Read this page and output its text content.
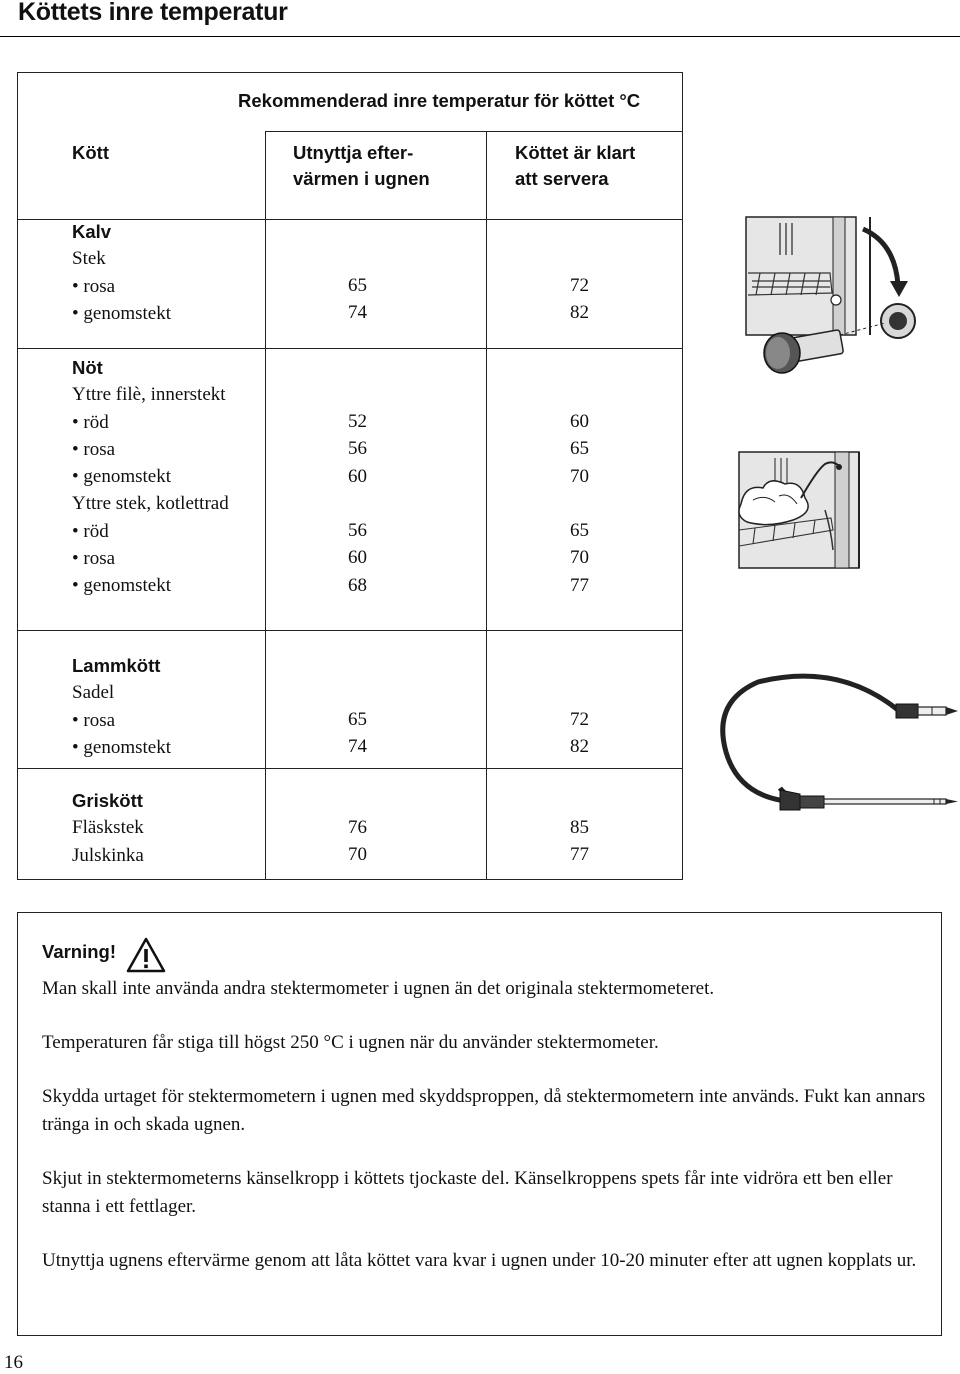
Köttets inre temperatur
Rekommenderad inre temperatur för köttet °C
Kött	Utnyttja efter-
värmen i ugnen
Köttet är klart
att servera
Kalv
Stek
• rosa
• genomstekt
65
74
72
82
Nöt
Yttre filè, innerstekt
• röd
• rosa
• genomstekt
Yttre stek, kotlettrad
• röd
• rosa
• genomstekt
52
56
60
56
60
68
60
65
70
65
70
77
Lammkött
Sadel
• rosa
• genomstekt
65
74
72
82
Griskött
Fläskstek
Julskinka
76
70
85
77
Varning!
Man skall inte använda andra stektermometer i ugnen än det originala stektermometeret.
Temperaturen får stiga till högst 250 °C i ugnen när du använder stektermometer.
Skydda urtaget för stektermometern i ugnen med skyddsproppen, då stektermometern inte används. Fukt kan annars tränga in och skada ugnen.
Skjut in stektermometerns känselkropp i köttets tjockaste del. Känselkroppens spets får inte vidröra ett ben eller stanna i ett fettlager.
Utnyttja ugnens eftervärme genom att låta köttet vara kvar i ugnen under 10-20 minuter efter att ugnen kopplats ur.
16
